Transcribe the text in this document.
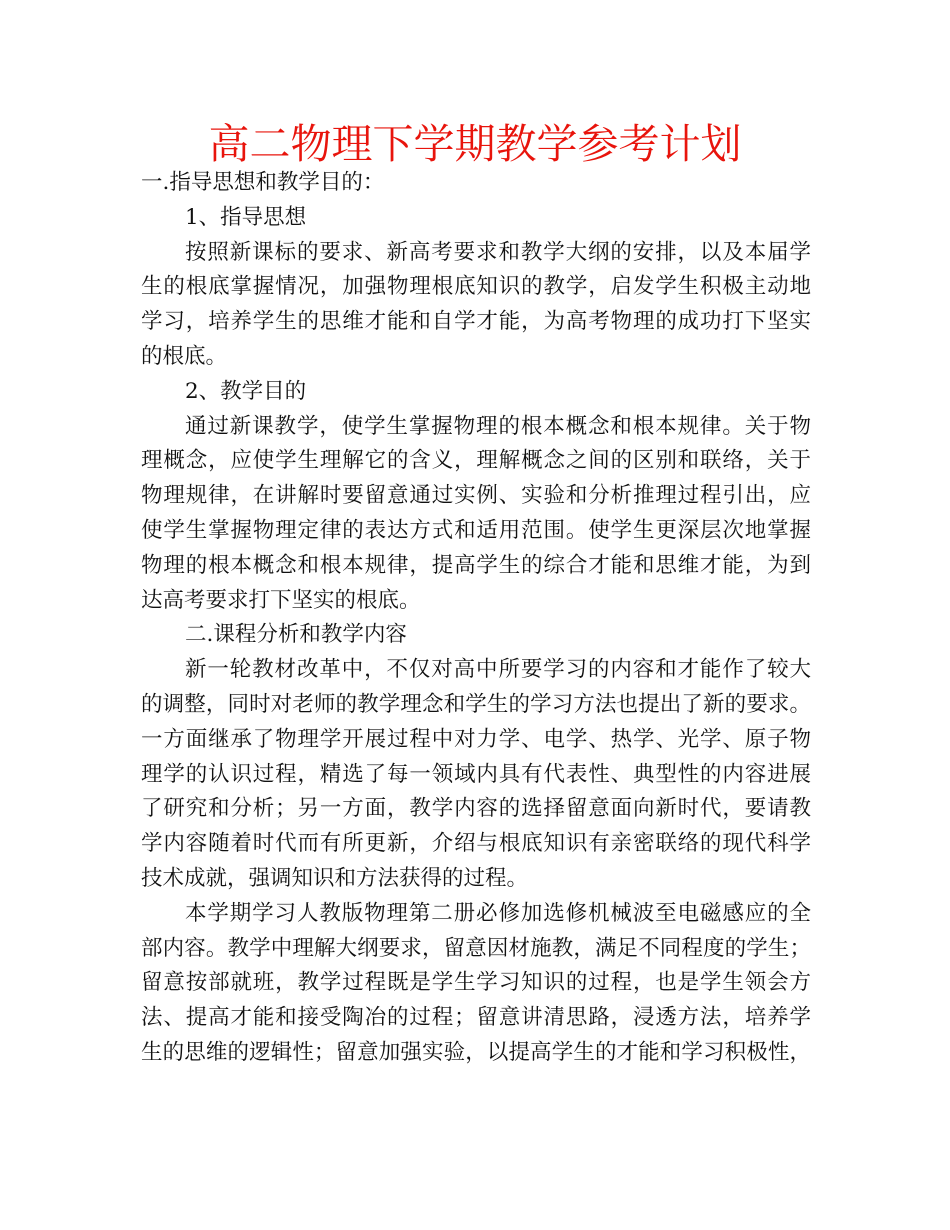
高二物理下学期教学参考计划
一.指导思想和教学目的：
1、指导思想
按照新课标的要求、新高考要求和教学大纲的安排，以及本届学
生的根底掌握情况，加强物理根底知识的教学，启发学生积极主动地
学习，培养学生的思维才能和自学才能，为高考物理的成功打下坚实
的根底。
2、教学目的
通过新课教学，使学生掌握物理的根本概念和根本规律。关于物
理概念，应使学生理解它的含义，理解概念之间的区别和联络，关于
物理规律，在讲解时要留意通过实例、实验和分析推理过程引出，应
使学生掌握物理定律的表达方式和适用范围。使学生更深层次地掌握
物理的根本概念和根本规律，提高学生的综合才能和思维才能，为到
达高考要求打下坚实的根底。
二.课程分析和教学内容
新一轮教材改革中，不仅对高中所要学习的内容和才能作了较大
的调整，同时对老师的教学理念和学生的学习方法也提出了新的要求。
一方面继承了物理学开展过程中对力学、电学、热学、光学、原子物
理学的认识过程，精选了每一领域内具有代表性、典型性的内容进展
了研究和分析；另一方面，教学内容的选择留意面向新时代，要请教
学内容随着时代而有所更新，介绍与根底知识有亲密联络的现代科学
技术成就，强调知识和方法获得的过程。
本学期学习人教版物理第二册必修加选修机械波至电磁感应的全
部内容。教学中理解大纲要求，留意因材施教，满足不同程度的学生；
留意按部就班，教学过程既是学生学习知识的过程，也是学生领会方
法、提高才能和接受陶冶的过程；留意讲清思路，浸透方法，培养学
生的思维的逻辑性；留意加强实验，以提高学生的才能和学习积极性，
